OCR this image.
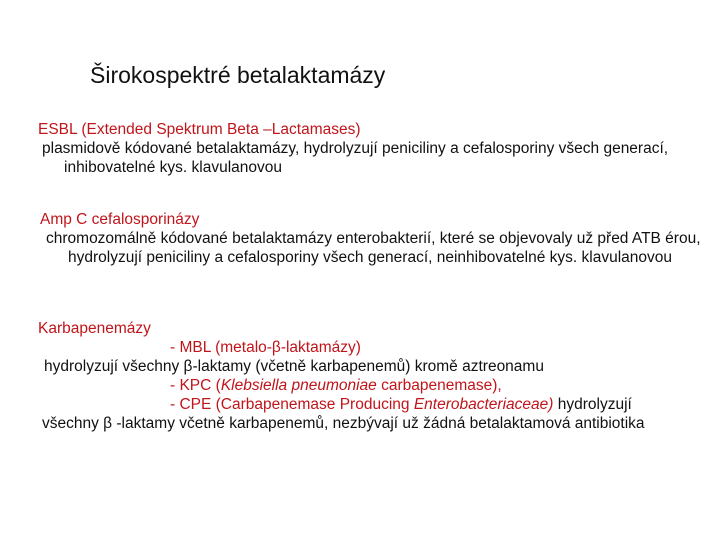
Širokospektré betalaktamázy
ESBL (Extended Spektrum Beta –Lactamases)
plasmidově kódované betalaktamázy, hydrolyzují peniciliny a cefalosporiny všech generací, inhibovatelné kys. klavulanovou
Amp C cefalosporinázy
chromozomálně kódované betalaktamázy enterobakterií, které se objevovaly už před ATB érou, hydrolyzují peniciliny a cefalosporiny všech generací, neinhibovatelné kys. klavulanovou
Karbapenemázy
- MBL (metalo-β-laktamázy)
hydrolyzují všechny β-laktamy (včetně karbapenemů) kromě aztreonamu
- KPC (Klebsiella pneumoniae carbapenemase),
- CPE (Carbapenemase Producing Enterobacteriaceae) hydrolyzují
všechny β -laktamy včetně karbapenemů, nezbývají už žádná betalaktamová antibiotika
